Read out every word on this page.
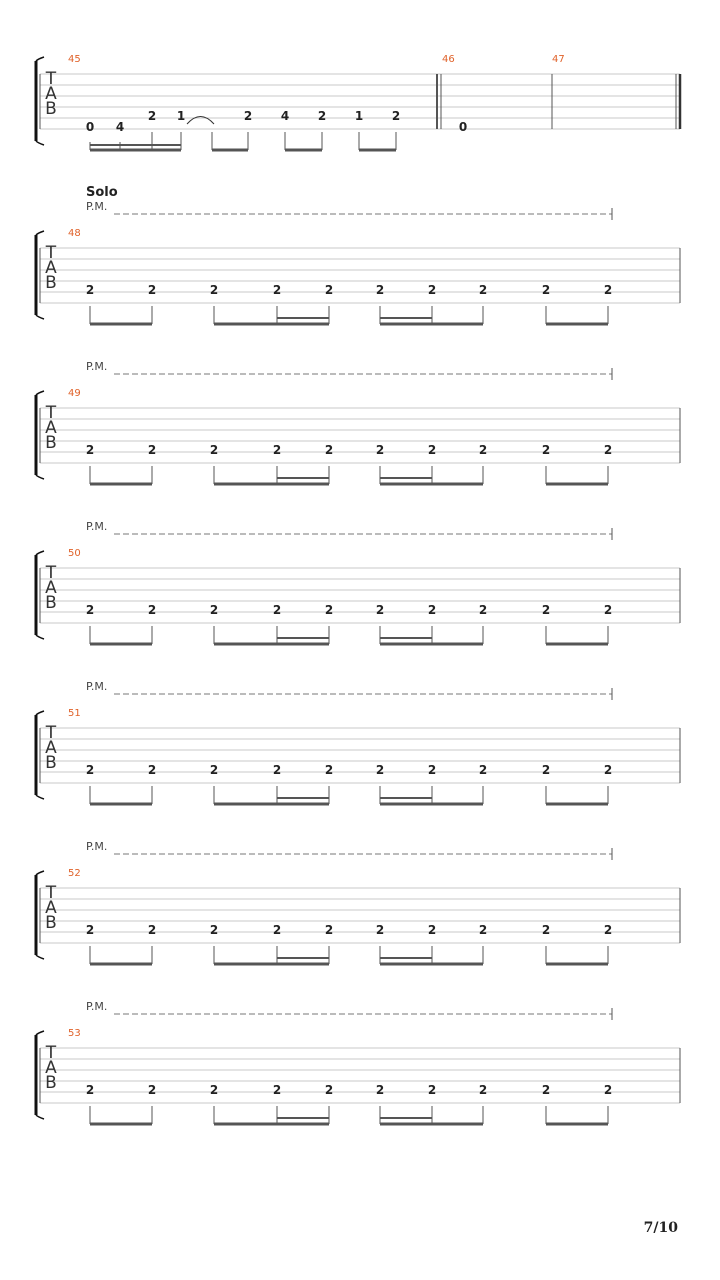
T
A
B
45	46	47
0 4
2 1	2 4 2 1 2
0
T
A
B
48
Solo
P.M.
2	2	2	2	2	2	2	2	2	2
T
A
B
49
P.M.
2	2	2	2	2	2	2	2	2	2
T
A
B
50
P.M.
2	2	2	2	2	2	2	2	2	2
T
A
B
51
P.M.
2	2	2	2	2	2	2	2	2	2
T
A
B
52
P.M.
2	2	2	2	2	2	2	2	2	2
T
A
B
53
P.M.
2	2	2	2	2	2	2	2	2	2
7/10
